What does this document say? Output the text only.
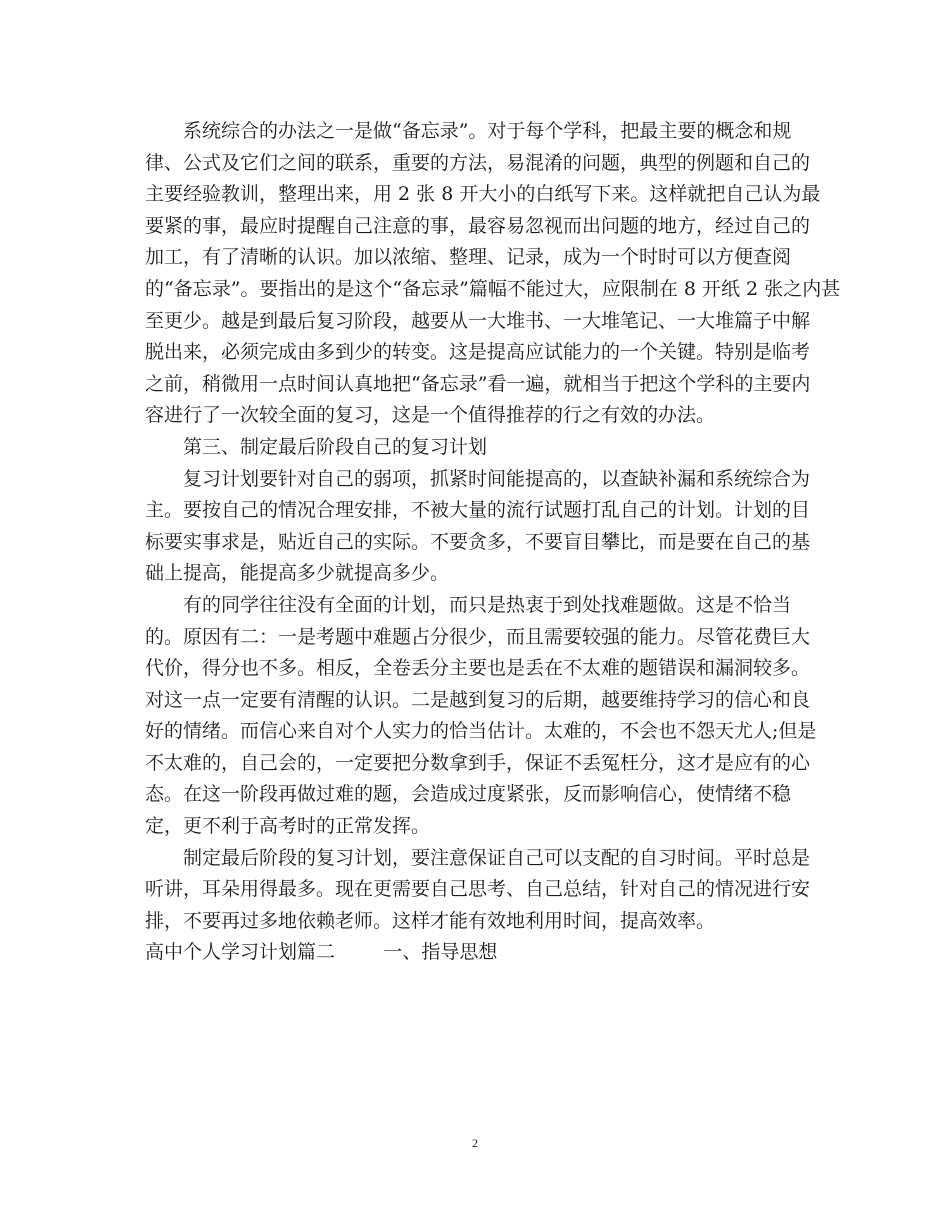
系统综合的办法之一是做“备忘录”。对于每个学科，把最主要的概念和规

律、公式及它们之间的联系，重要的方法，易混淆的问题，典型的例题和自己的

主要经验教训，整理出来，用 2 张 8 开大小的白纸写下来。这样就把自己认为最

要紧的事，最应时提醒自己注意的事，最容易忽视而出问题的地方，经过自己的

加工，有了清晰的认识。加以浓缩、整理、记录，成为一个时时可以方便查阅

的“备忘录”。要指出的是这个“备忘录”篇幅不能过大，应限制在 8 开纸 2 张之内甚

至更少。越是到最后复习阶段，越要从一大堆书、一大堆笔记、一大堆篇子中解

脱出来，必须完成由多到少的转变。这是提高应试能力的一个关键。特别是临考

之前，稍微用一点时间认真地把“备忘录”看一遍，就相当于把这个学科的主要内

容进行了一次较全面的复习，这是一个值得推荐的行之有效的办法。

第三、制定最后阶段自己的复习计划

复习计划要针对自己的弱项，抓紧时间能提高的，以查缺补漏和系统综合为

主。要按自己的情况合理安排，不被大量的流行试题打乱自己的计划。计划的目

标要实事求是，贴近自己的实际。不要贪多，不要盲目攀比，而是要在自己的基

础上提高，能提高多少就提高多少。

有的同学往往没有全面的计划，而只是热衷于到处找难题做。这是不恰当

的。原因有二：一是考题中难题占分很少，而且需要较强的能力。尽管花费巨大

代价，得分也不多。相反，全卷丢分主要也是丢在不太难的题错误和漏洞较多。

对这一点一定要有清醒的认识。二是越到复习的后期，越要维持学习的信心和良

好的情绪。而信心来自对个人实力的恰当估计。太难的，不会也不怨天尤人;但是

不太难的，自己会的，一定要把分数拿到手，保证不丢冤枉分，这才是应有的心

态。在这一阶段再做过难的题，会造成过度紧张，反而影响信心，使情绪不稳

定，更不利于高考时的正常发挥。

制定最后阶段的复习计划，要注意保证自己可以支配的自习时间。平时总是

听讲，耳朵用得最多。现在更需要自己思考、自己总结，针对自己的情况进行安

排，不要再过多地依赖老师。这样才能有效地利用时间，提高效率。

高中个人学习计划篇二        一、指导思想

2
